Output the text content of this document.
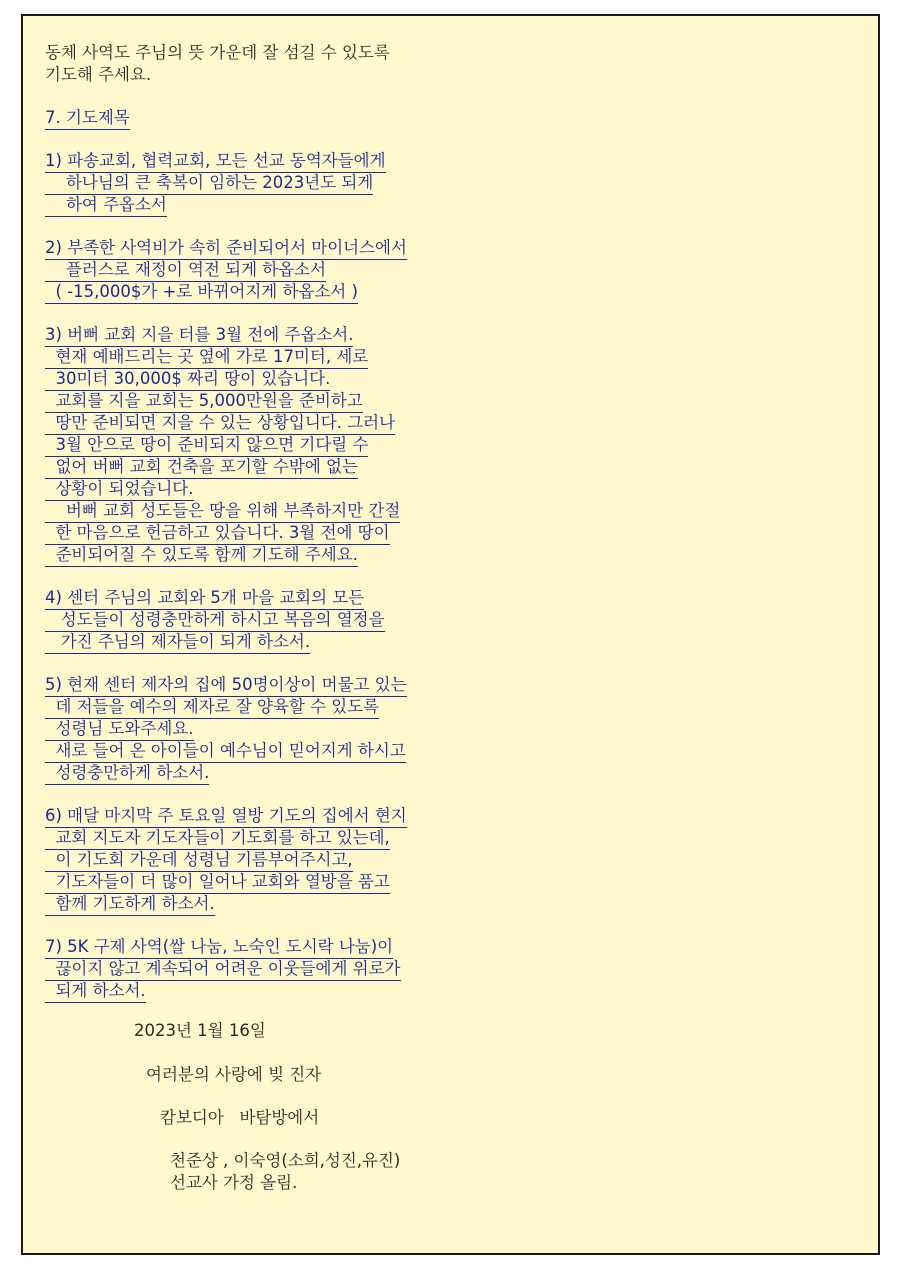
동체 사역도 주님의 뜻 가운데 잘 섬길 수 있도록
기도해 주세요.
7. 기도제목
1) 파송교회, 협력교회, 모든 선교 동역자들에게
하나님의 큰 축복이 임하는 2023년도 되게
하여 주옵소서
2) 부족한 사역비가 속히 준비되어서 마이너스에서
플러스로 재정이 역전 되게 하옵소서
( -15,000$가 +로 바뀌어지게 하옵소서 )
3) 버뻐 교회 지을 터를 3월 전에 주옵소서.
현재 예배드리는 곳 옆에 가로 17미터, 세로
30미터 30,000$ 짜리 땅이 있습니다.
교회를 지을 교회는 5,000만원을 준비하고
땅만 준비되면 지을 수 있는 상황입니다. 그러나
3월 안으로 땅이 준비되지 않으면 기다릴 수
없어 버뻐 교회 건축을 포기할 수밖에 없는
상황이 되었습니다.
버뻐 교회 성도들은 땅을 위해 부족하지만 간절
한 마음으로 헌금하고 있습니다. 3월 전에 땅이
준비되어질 수 있도록 함께 기도해 주세요.
4) 센터 주님의 교회와 5개 마을 교회의 모든
성도들이 성령충만하게 하시고 복음의 열정을
가진 주님의 제자들이 되게 하소서.
5) 현재 센터 제자의 집에 50명이상이 머물고 있는
데 저들을 예수의 제자로 잘 양육할 수 있도록
성령님 도와주세요.
새로 들어 온 아이들이 예수님이 믿어지게 하시고
성령충만하게 하소서.
6) 매달 마지막 주 토요일 열방 기도의 집에서 현지
교회 지도자 기도자들이 기도회를 하고 있는데,
이 기도회 가운데 성령님 기름부어주시고,
기도자들이 더 많이 일어나 교회와 열방을 품고
함께 기도하게 하소서.
7) 5K 구제 사역(쌀 나눔, 노숙인 도시락 나눔)이
끊이지 않고 계속되어 어려운 이웃들에게 위로가
되게 하소서.
2023년 1월 16일
여러분의 사랑에 빚 진자
캄보디아   바탐방에서
천준상 , 이숙영(소희,성진,유진)
선교사 가정 올림.
